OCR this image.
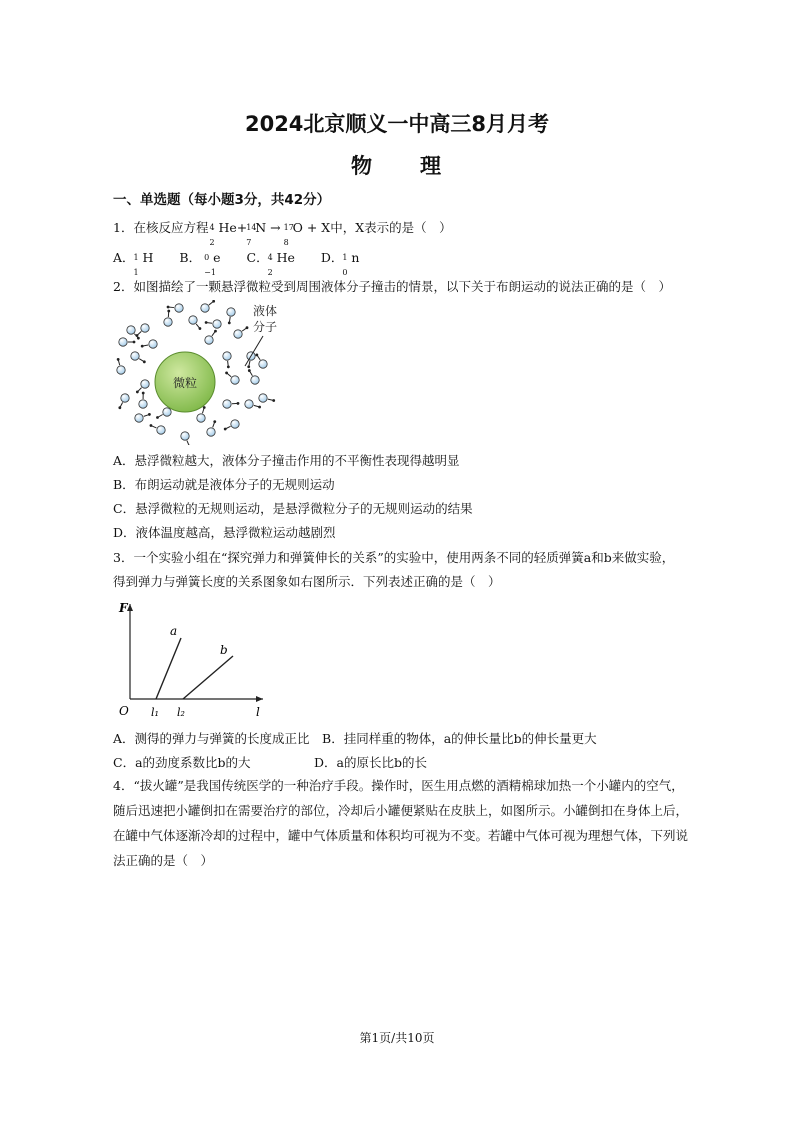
2024北京顺义一中高三8月月考
物　　理
一、单选题（每小题3分，共42分）
1．在核反应方程 4
2
He+ 14
7
N → 17
8
O + X中，X表示的是（　）
A． 1
1
H B． 0
−1
e C． 4
2
He D． 1
0
n
2．如图描绘了一颗悬浮微粒受到周围液体分子撞击的情景，以下关于布朗运动的说法正确的是（　）
微粒
液体
分子
A．悬浮微粒越大，液体分子撞击作用的不平衡性表现得越明显
B．布朗运动就是液体分子的无规则运动
C．悬浮微粒的无规则运动，是悬浮微粒分子的无规则运动的结果
D．液体温度越高，悬浮微粒运动越剧烈
3．一个实验小组在“探究弹力和弹簧伸长的关系”的实验中，使用两条不同的轻质弹簧a和b来做实验，
得到弹力与弹簧长度的关系图象如右图所示．下列表述正确的是（　）
F
l
O l₁ l₂
a
b
A．测得的弹力与弹簧的长度成正比　B．挂同样重的物体，a的伸长量比b的伸长量更大
C．a的劲度系数比b的大	D．a的原长比b的长
4．“拔火罐”是我国传统医学的一种治疗手段。操作时，医生用点燃的酒精棉球加热一个小罐内的空气，
随后迅速把小罐倒扣在需要治疗的部位，冷却后小罐便紧贴在皮肤上，如图所示。小罐倒扣在身体上后，
在罐中气体逐渐冷却的过程中，罐中气体质量和体积均可视为不变。若罐中气体可视为理想气体，下列说
法正确的是（　）
第1页/共10页
